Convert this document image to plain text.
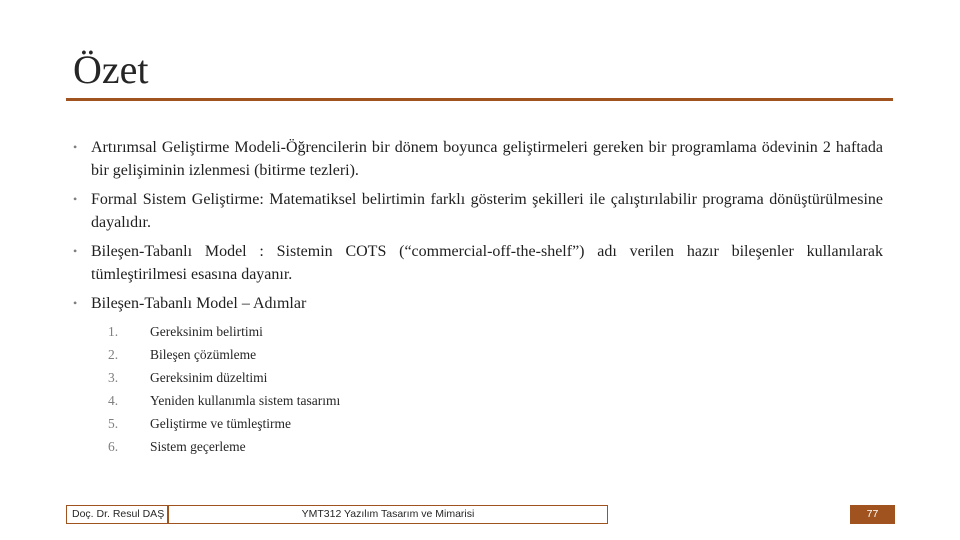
Özet
• Artırımsal Geliştirme Modeli-Öğrencilerin bir dönem boyunca geliştirmeleri gereken bir programlama ödevinin 2 haftada bir gelişiminin izlenmesi (bitirme tezleri).
• Formal Sistem Geliştirme: Matematiksel belirtimin farklı gösterim şekilleri ile çalıştırılabilir programa dönüştürülmesine dayalıdır.
• Bileşen-Tabanlı Model : Sistemin COTS (“commercial-off-the-shelf”) adı verilen hazır bileşenler kullanılarak tümleştirilmesi esasına dayanır.
• Bileşen-Tabanlı Model – Adımlar
1.	Gereksinim belirtimi
2.	Bileşen çözümleme
3.	Gereksinim düzeltimi
4.	Yeniden kullanımla sistem tasarımı
5.	Geliştirme ve tümleştirme
6.	Sistem geçerleme
Doç. Dr. Resul DAŞ	YMT312 Yazılım Tasarım ve Mimarisi	77
